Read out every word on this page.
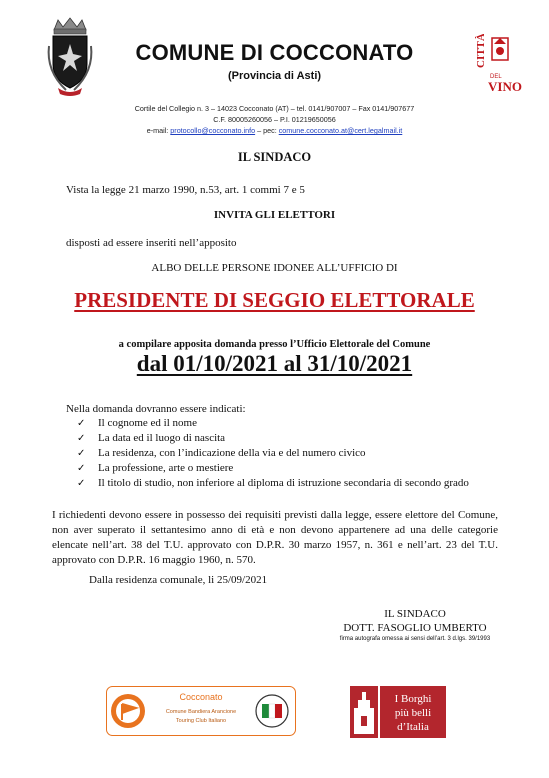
CITTÀ
DEL
VINO
COMUNE DI COCCONATO
(Provincia di Asti)
Cortile del Collegio n. 3 – 14023 Cocconato (AT) – tel. 0141/907007 – Fax 0141/907677
C.F. 80005260056 – P.I. 01219650056
e-mail: protocollo@cocconato.info – pec: comune.cocconato.at@cert.legalmail.it
IL SINDACO
Vista la legge 21 marzo 1990, n.53, art. 1 commi 7 e 5
INVITA GLI ELETTORI
disposti ad essere inseriti nell’apposito
ALBO DELLE PERSONE IDONEE ALL’UFFICIO DI
PRESIDENTE DI SEGGIO ELETTORALE
a compilare apposita domanda presso l’Ufficio Elettorale del Comune
dal 01/10/2021 al 31/10/2021
Nella domanda dovranno essere indicati:
✓ Il cognome ed il nome
✓ La data ed il luogo di nascita
✓ La residenza, con l’indicazione della via e del numero civico
✓ La professione, arte o mestiere
✓ Il titolo di studio, non inferiore al diploma di istruzione secondaria di secondo grado
I richiedenti devono essere in possesso dei requisiti previsti dalla legge, essere elettore del Comune, non aver superato il settantesimo anno di età e non devono appartenere ad una delle categorie elencate nell’art. 38 del T.U. approvato con D.P.R. 30 marzo 1957, n. 361 e nell’art. 23 del T.U. approvato con D.P.R. 16 maggio 1960, n. 570.
Dalla residenza comunale, li 25/09/2021
IL SINDACO
DOTT. FASOGLIO UMBERTO
firma autografa omessa ai sensi dell’art. 3 d.lgs. 39/1993
Cocconato
Comune Bandiera Arancione
Touring Club Italiano
I Borghi
più belli
d’Italia
